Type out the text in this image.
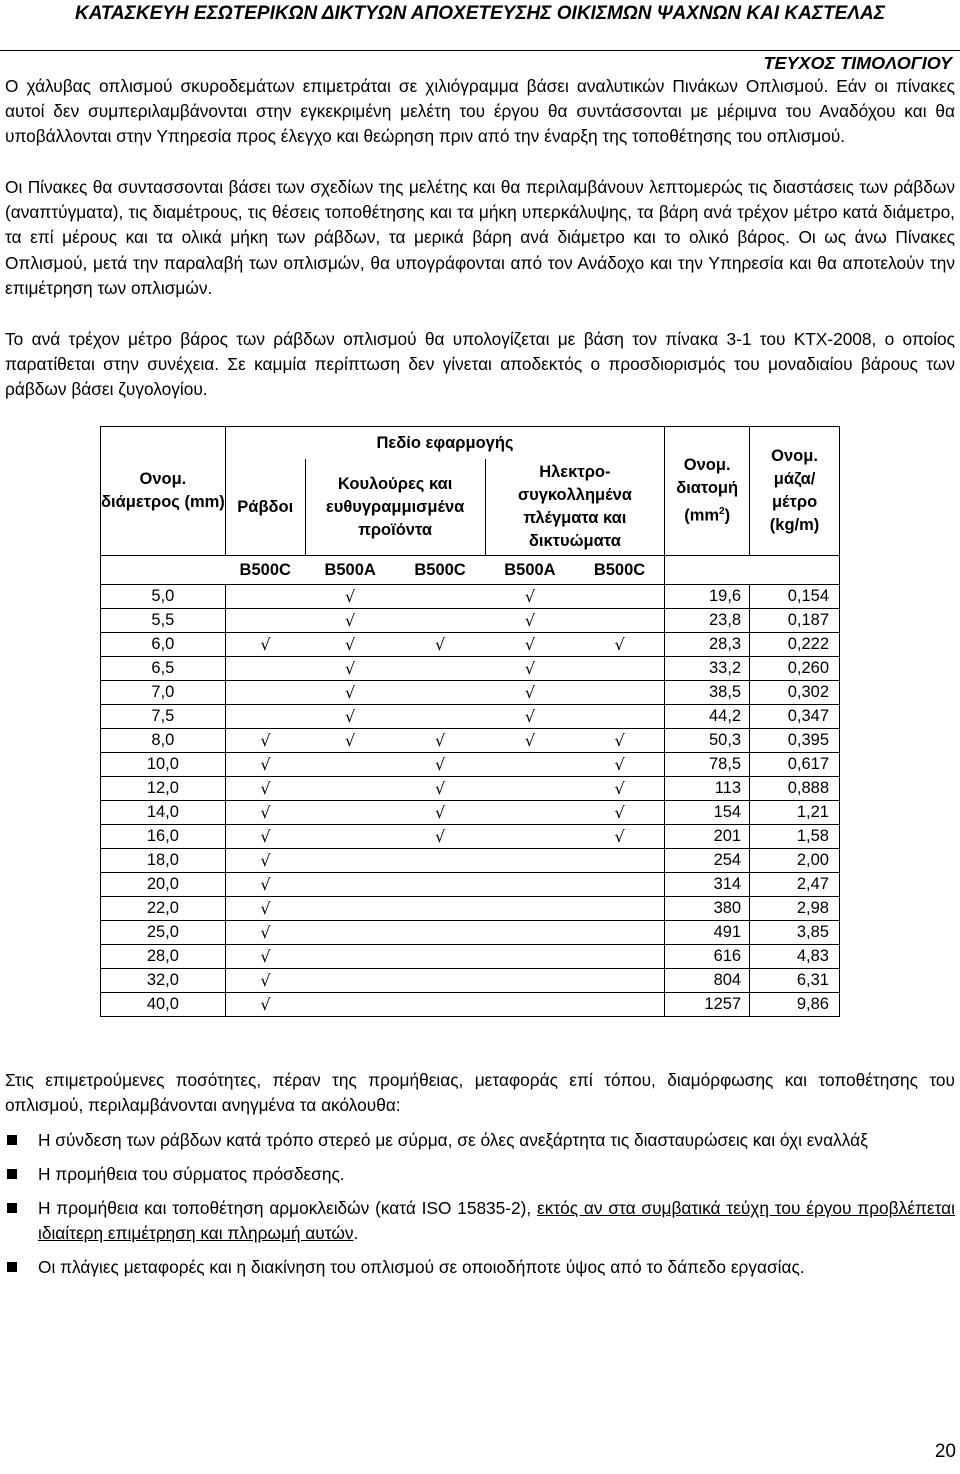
ΚΑΤΑΣΚΕΥΗ ΕΣΩΤΕΡΙΚΩΝ ΔΙΚΤΥΩΝ ΑΠΟΧΕΤΕΥΣΗΣ ΟΙΚΙΣΜΩΝ ΨΑΧΝΩΝ ΚΑΙ ΚΑΣΤΕΛΑΣ
ΤΕΥΧΟΣ ΤΙΜΟΛΟΓΙΟΥ
Ο χάλυβας οπλισμού σκυροδεμάτων επιμετράται σε χιλιόγραμμα βάσει αναλυτικών Πινάκων Οπλισμού. Εάν οι πίνακες αυτοί δεν συμπεριλαμβάνονται στην εγκεκριμένη μελέτη του έργου θα συντάσσονται με μέριμνα του Αναδόχου και θα υποβάλλονται στην Υπηρεσία προς έλεγχο και θεώρηση πριν από την έναρξη της τοποθέτησης του οπλισμού.
Οι Πίνακες θα συντασσονται βάσει των σχεδίων της μελέτης και θα περιλαμβάνουν λεπτομερώς τις διαστάσεις των ράβδων (αναπτύγματα), τις διαμέτρους, τις θέσεις τοποθέτησης και τα μήκη υπερκάλυψης, τα βάρη ανά τρέχον μέτρο κατά διάμετρο, τα επί μέρους και τα ολικά μήκη των ράβδων, τα μερικά βάρη ανά διάμετρο και το ολικό βάρος. Οι ως άνω Πίνακες Οπλισμού, μετά την παραλαβή των οπλισμών, θα υπογράφονται από τον Ανάδοχο και την Υπηρεσία και θα αποτελούν την επιμέτρηση των οπλισμών.
Το ανά τρέχον μέτρο βάρος των ράβδων οπλισμού θα υπολογίζεται με βάση τον πίνακα 3-1 του ΚΤΧ-2008, ο οποίος παρατίθεται στην συνέχεια. Σε καμμία περίπτωση δεν γίνεται αποδεκτός ο προσδιορισμός του μοναδιαίου βάρους των ράβδων βάσει ζυγολογίου.
Ονομ. διάμετρος (mm)	Πεδίο εφαρμογής					Ονομ. διατομή $(mm^2)$	Ονομ. μάζα/ μέτρο (kg/m)
	Ράβδοι	Κουλούρες και ευθυγραμμισμένα προϊόντα		Ηλεκτρο-συγκολλημένα πλέγματα και δικτυώματα			
	B500C	B500A	B500C	B500A	B500C		
5,0		√		√		19,6	0,154
5,5		√		√		23,8	0,187
6,0	√	√	√	√	√	28,3	0,222
6,5		√		√		33,2	0,260
7,0		√		√		38,5	0,302
7,5		√		√		44,2	0,347
8,0	√	√	√	√	√	50,3	0,395
10,0	√		√		√	78,5	0,617
12,0	√		√		√	113	0,888
14,0	√		√		√	154	1,21
16,0	√		√		√	201	1,58
18,0	√					254	2,00
20,0	√					314	2,47
22,0	√					380	2,98
25,0	√					491	3,85
28,0	√					616	4,83
32,0	√					804	6,31
40,0	√					1257	9,86
Στις επιμετρούμενες ποσότητες, πέραν της προμήθειας, μεταφοράς επί τόπου, διαμόρφωσης και τοποθέτησης του οπλισμού, περιλαμβάνονται ανηγμένα τα ακόλουθα:
Η σύνδεση των ράβδων κατά τρόπο στερεό με σύρμα, σε όλες ανεξάρτητα τις διασταυρώσεις και όχι εναλλάξ
Η προμήθεια του σύρματος πρόσδεσης.
Η προμήθεια και τοποθέτηση αρμοκλειδών (κατά ISO 15835-2), εκτός αν στα συμβατικά τεύχη του έργου προβλέπεται ιδιαίτερη επιμέτρηση και πληρωμή αυτών.
Οι πλάγιες μεταφορές και η διακίνηση του οπλισμού σε οποιοδήποτε ύψος από το δάπεδο εργασίας.
20
